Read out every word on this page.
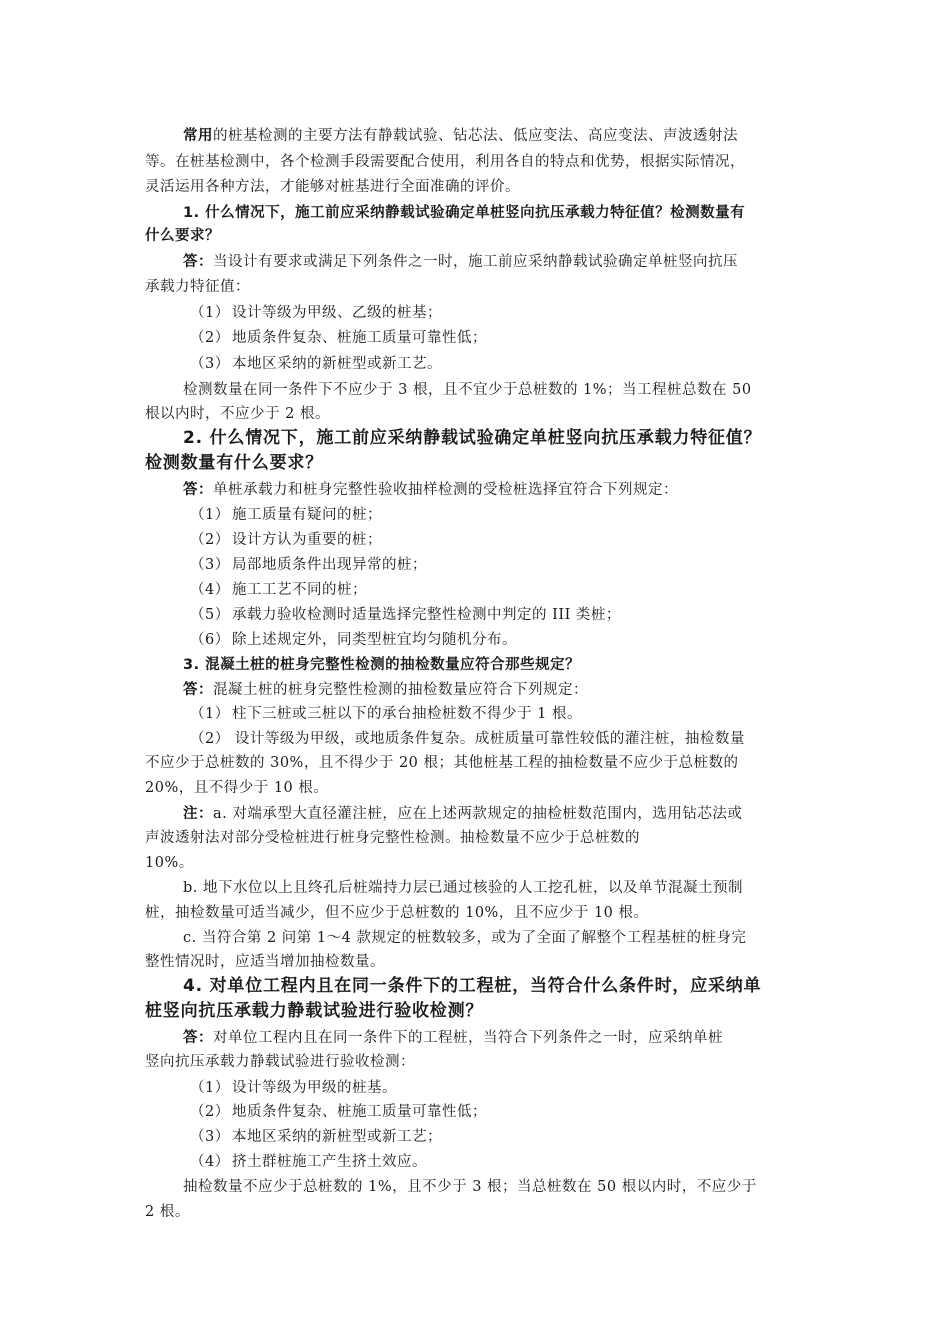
常用的桩基检测的主要方法有静载试验、钻芯法、低应变法、高应变法、声波透射法
等。在桩基检测中，各个检测手段需要配合使用，利用各自的特点和优势，根据实际情况，
灵活运用各种方法，才能够对桩基进行全面准确的评价。
1. 什么情况下，施工前应采纳静载试验确定单桩竖向抗压承载力特征值？检测数量有
什么要求？
答：当设计有要求或满足下列条件之一时，施工前应采纳静载试验确定单桩竖向抗压
承载力特征值：
（1） 设计等级为甲级、乙级的桩基；
（2） 地质条件复杂、桩施工质量可靠性低；
（3） 本地区采纳的新桩型或新工艺。
检测数量在同一条件下不应少于 3 根，且不宜少于总桩数的 1%；当工程桩总数在 50
根以内时，不应少于 2 根。
2. 什么情况下，施工前应采纳静载试验确定单桩竖向抗压承载力特征值？
检测数量有什么要求？
答：单桩承载力和桩身完整性验收抽样检测的受检桩选择宜符合下列规定：
（1） 施工质量有疑问的桩；
（2） 设计方认为重要的桩；
（3） 局部地质条件出现异常的桩；
（4） 施工工艺不同的桩；
（5） 承载力验收检测时适量选择完整性检测中判定的 III 类桩；
（6） 除上述规定外，同类型桩宜均匀随机分布。
3. 混凝土桩的桩身完整性检测的抽检数量应符合那些规定？
答：混凝土桩的桩身完整性检测的抽检数量应符合下列规定：
（1） 柱下三桩或三桩以下的承台抽检桩数不得少于 1 根。
（2） 设计等级为甲级，或地质条件复杂。成桩质量可靠性较低的灌注桩，抽检数量
不应少于总桩数的 30%，且不得少于 20 根；其他桩基工程的抽检数量不应少于总桩数的
20%，且不得少于 10 根。
注：a. 对端承型大直径灌注桩，应在上述两款规定的抽检桩数范围内，选用钻芯法或
声波透射法对部分受检桩进行桩身完整性检测。抽检数量不应少于总桩数的
10%。
b. 地下水位以上且终孔后桩端持力层已通过核验的人工挖孔桩，以及单节混凝土预制
桩，抽检数量可适当减少，但不应少于总桩数的 10%，且不应少于 10 根。
c. 当符合第 2 问第 1～4 款规定的桩数较多，或为了全面了解整个工程基桩的桩身完
整性情况时，应适当增加抽检数量。
4. 对单位工程内且在同一条件下的工程桩，当符合什么条件时，应采纳单
桩竖向抗压承载力静载试验进行验收检测？
答：对单位工程内且在同一条件下的工程桩，当符合下列条件之一时，应采纳单桩
竖向抗压承载力静载试验进行验收检测：
（1） 设计等级为甲级的桩基。
（2） 地质条件复杂、桩施工质量可靠性低；
（3） 本地区采纳的新桩型或新工艺；
（4） 挤土群桩施工产生挤土效应。
抽检数量不应少于总桩数的 1%，且不少于 3 根；当总桩数在 50 根以内时，不应少于
2 根。
